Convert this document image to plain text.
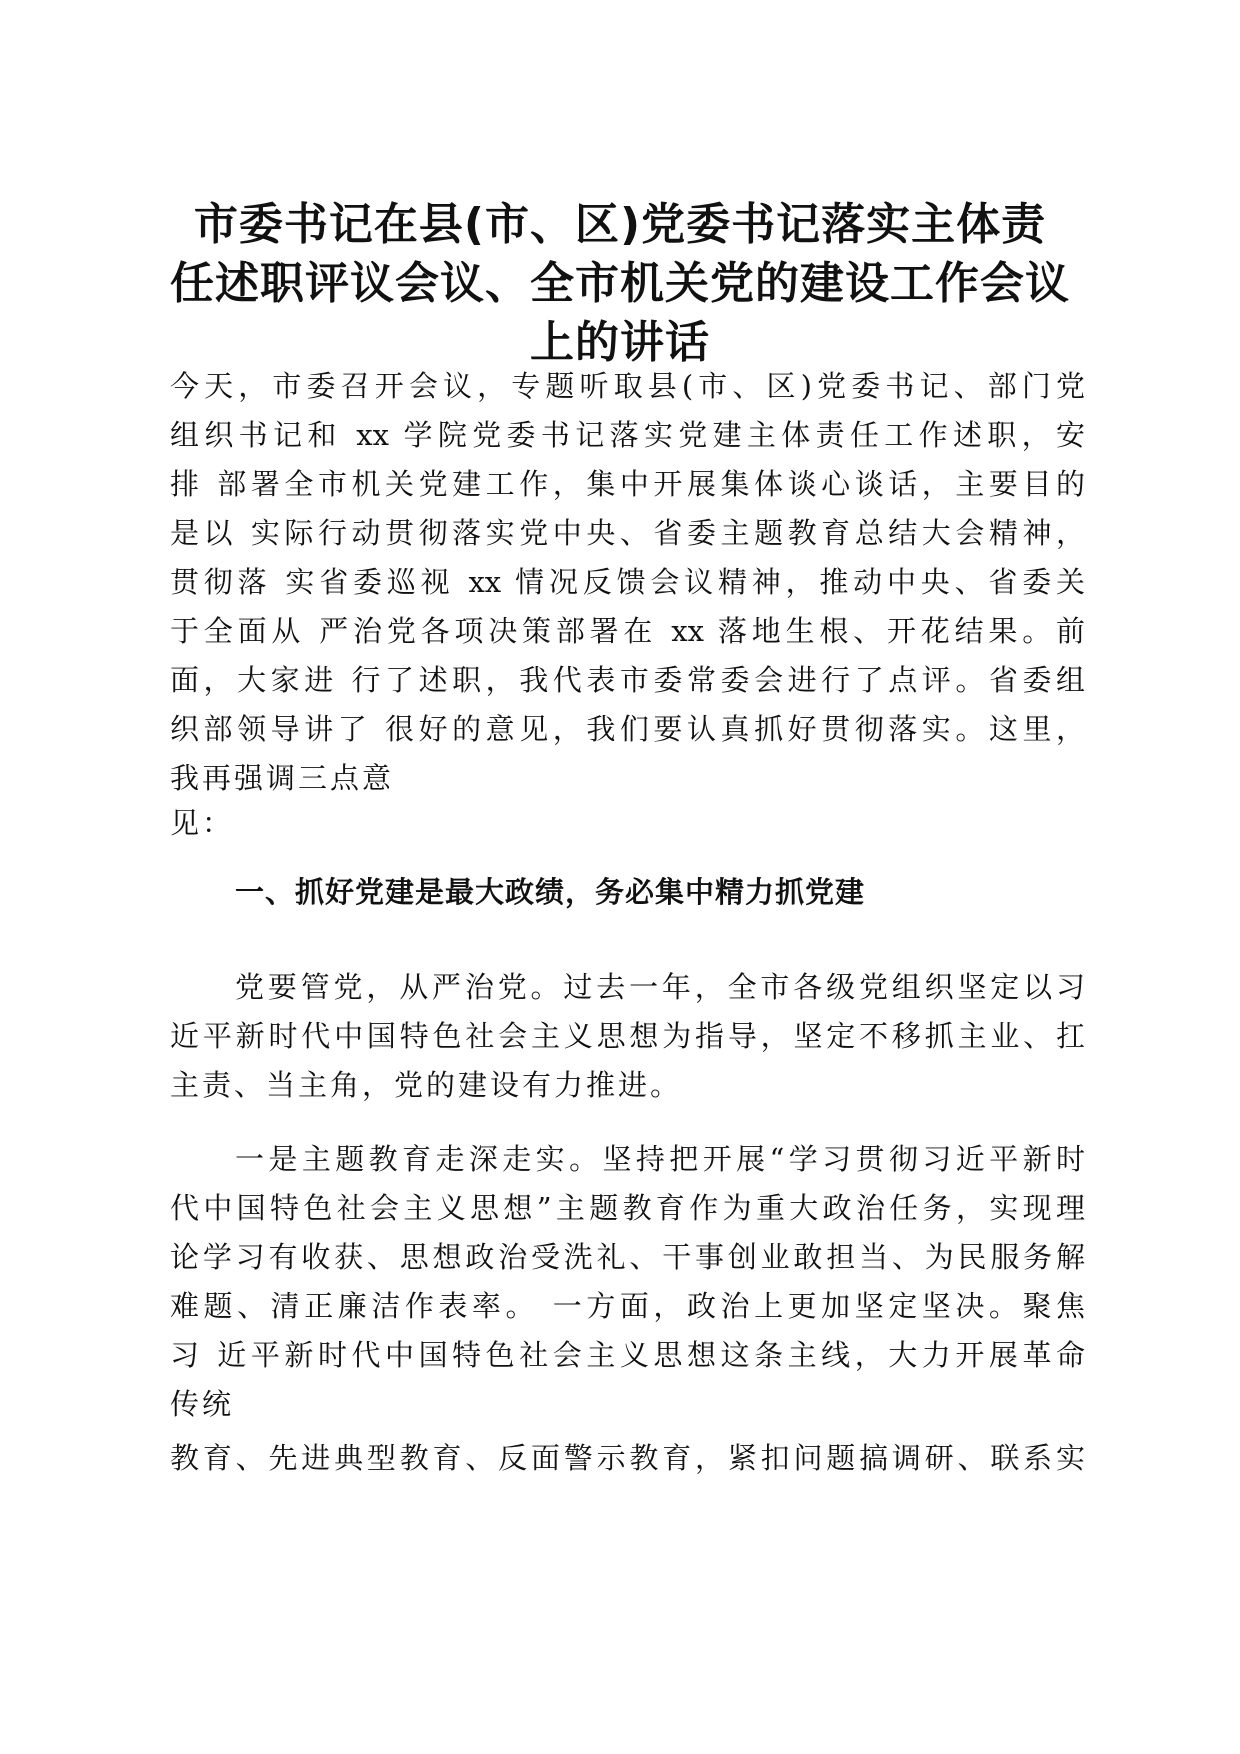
市委书记在县(市、区)党委书记落实主体责
任述职评议会议、全市机关党的建设工作会议
上的讲话
今天，市委召开会议，专题听取县(市、区)党委书记、部门党
组织书记和 xx 学院党委书记落实党建主体责任工作述职，安
排 部署全市机关党建工作，集中开展集体谈心谈话，主要目的
是以 实际行动贯彻落实党中央、省委主题教育总结大会精神，
贯彻落 实省委巡视 xx 情况反馈会议精神，推动中央、省委关
于全面从 严治党各项决策部署在 xx 落地生根、开花结果。前
面，大家进 行了述职，我代表市委常委会进行了点评。省委组
织部领导讲了 很好的意见，我们要认真抓好贯彻落实。这里，
我再强调三点意
见：
一、抓好党建是最大政绩，务必集中精力抓党建
党要管党，从严治党。过去一年，全市各级党组织坚定以习
近平新时代中国特色社会主义思想为指导，坚定不移抓主业、扛
主责、当主角，党的建设有力推进。
一是主题教育走深走实。坚持把开展“学习贯彻习近平新时
代中国特色社会主义思想”主题教育作为重大政治任务，实现理
论学习有收获、思想政治受洗礼、干事创业敢担当、为民服务解
难题、清正廉洁作表率。 一方面，政治上更加坚定坚决。聚焦
习 近平新时代中国特色社会主义思想这条主线，大力开展革命
传统
教育、先进典型教育、反面警示教育，紧扣问题搞调研、联系实
